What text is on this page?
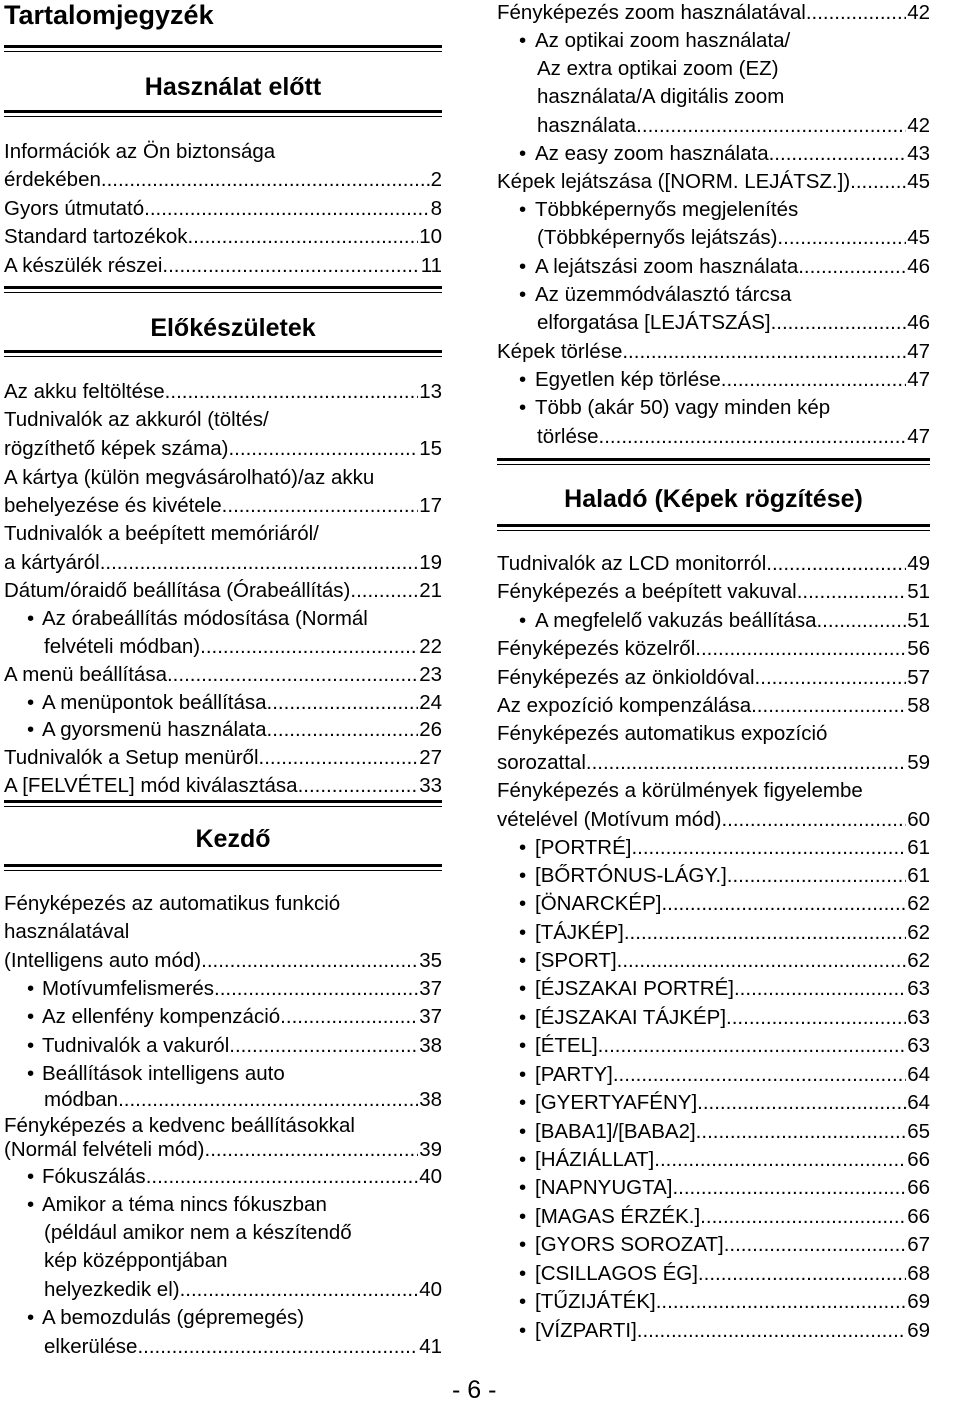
Tartalomjegyzék
Használat előtt
Információk az Ön biztonsága
érdekében .....	2
Gyors útmutató .....	8
Standard tartozékok .....	10
A készülék részei .....	11
Előkészületek
Az akku feltöltése .....	13
Tudnivalók az akkuról (töltés/
rögzíthető képek száma) .....	15
A kártya (külön megvásárolható)/az akku
behelyezése és kivétele .....	17
Tudnivalók a beépített memóriáról/
a kártyáról .....	19
Dátum/óraidő beállítása (Órabeállítás) .....	21
• Az órabeállítás módosítása (Normál
felvételi módban) .....	22
A menü beállítása .....	23
• A menüpontok beállítása .....	24
• A gyorsmenü használata .....	26
Tudnivalók a Setup menüről .....	27
A [FELVÉTEL] mód kiválasztása .....	33
Kezdő
Fényképezés az automatikus funkció
használatával
(Intelligens auto mód) .....	35
• Motívumfelismerés .....	37
• Az ellenfény kompenzáció .....	37
• Tudnivalók a vakuról .....	38
• Beállítások intelligens auto
módban .....	38
Fényképezés a kedvenc beállításokkal
(Normál felvételi mód) .....	39
• Fókuszálás .....	40
• Amikor a téma nincs fókuszban
(például amikor nem a készítendő
kép középpontjában
helyezkedik el) .....	40
• A bemozdulás (gépremegés)
elkerülése .....	41
Fényképezés zoom használatával .....	42
• Az optikai zoom használata/
Az extra optikai zoom (EZ)
használata/A digitális zoom
használata .....	42
• Az easy zoom használata .....	43
Képek lejátszása ([NORM. LEJÁTSZ.]) .....	45
• Többképernyős megjelenítés
(Többképernyős lejátszás) .....	45
• A lejátszási zoom használata .....	46
• Az üzemmódválasztó tárcsa
elforgatása [LEJÁTSZÁS] .....	46
Képek törlése .....	47
• Egyetlen kép törlése .....	47
• Több (akár 50) vagy minden kép
törlése .....	47
Haladó (Képek rögzítése)
Tudnivalók az LCD monitorról .....	49
Fényképezés a beépített vakuval .....	51
• A megfelelő vakuzás beállítása .....	51
Fényképezés közelről .....	56
Fényképezés az önkioldóval .....	57
Az expozíció kompenzálása .....	58
Fényképezés automatikus expozíció
sorozattal .....	59
Fényképezés a körülmények figyelembe
vételével (Motívum mód) .....	60
• [PORTRÉ] .....	61
• [BŐRTÓNUS-LÁGY.] .....	61
• [ÖNARCKÉP] .....	62
• [TÁJKÉP] .....	62
• [SPORT] .....	62
• [ÉJSZAKAI PORTRÉ] .....	63
• [ÉJSZAKAI TÁJKÉP] .....	63
• [ÉTEL] .....	63
• [PARTY] .....	64
• [GYERTYAFÉNY] .....	64
• [BABA1]/[BABA2] .....	65
• [HÁZIÁLLAT] .....	66
• [NAPNYUGTA] .....	66
• [MAGAS ÉRZÉK.] .....	66
• [GYORS SOROZAT] .....	67
• [CSILLAGOS ÉG] .....	68
• [TŰZIJÁTÉK] .....	69
• [VÍZPARTI] .....	69
- 6 -
